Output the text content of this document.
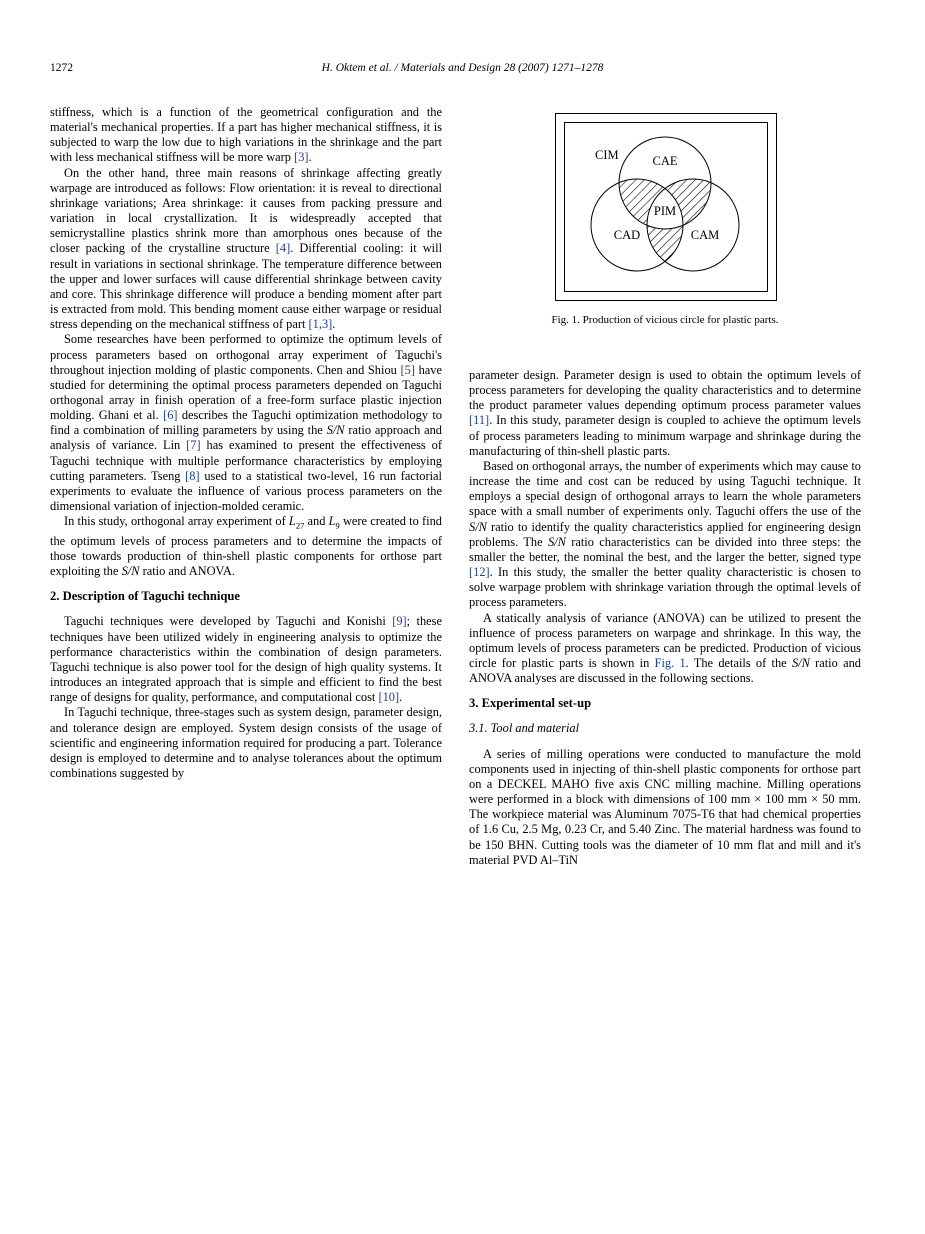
1272	H. Oktem et al. / Materials and Design 28 (2007) 1271–1278
CIM	CAE
CAD	CAM
PIM
Fig. 1. Production of vicious circle for plastic parts.

stiffness, which is a function of the geometrical configuration and the material's mechanical properties. If a part has higher mechanical stiffness, it is subjected to warp the low due to high variations in the shrinkage and the part with less mechanical stiffness will be more warp [3].

On the other hand, three main reasons of shrinkage affecting greatly warpage are introduced as follows: Flow orientation: it is reveal to directional shrinkage variations; Area shrinkage: it causes from packing pressure and variation in local crystallization. It is widespreadly accepted that semicrystalline plastics shrink more than amorphous ones because of the closer packing of the crystalline structure [4]. Differential cooling: it will result in variations in sectional shrinkage. The temperature difference between the upper and lower surfaces will cause differential shrinkage between cavity and core. This shrinkage difference will produce a bending moment after part is extracted from mold. This bending moment cause either warpage or residual stress depending on the mechanical stiffness of part [1,3].

Some researches have been performed to optimize the optimum levels of process parameters based on orthogonal array experiment of Taguchi's throughout injection molding of plastic components. Chen and Shiou [5] have studied for determining the optimal process parameters depended on Taguchi orthogonal array in finish operation of a free-form surface plastic injection molding. Ghani et al. [6] describes the Taguchi optimization methodology to find a combination of milling parameters by using the S/N ratio approach and analysis of variance. Lin [7] has examined to present the effectiveness of Taguchi technique with multiple performance characteristics by employing cutting parameters. Tseng [8] used to a statistical two-level, 16 run factorial experiments to evaluate the influence of various process parameters on the dimensional variation of injection-molded ceramic.

In this study, orthogonal array experiment of $L_{27}$ and $L_9$ were created to find the optimum levels of process parameters and to determine the impacts of those towards production of thin-shell plastic components for orthose part exploiting the S/N ratio and ANOVA.

2. Description of Taguchi technique

Taguchi techniques were developed by Taguchi and Konishi [9]; these techniques have been utilized widely in engineering analysis to optimize the performance characteristics within the combination of design parameters. Taguchi technique is also power tool for the design of high quality systems. It introduces an integrated approach that is simple and efficient to find the best range of designs for quality, performance, and computational cost [10].

In Taguchi technique, three-stages such as system design, parameter design, and tolerance design are employed. System design consists of the usage of scientific and engineering information required for producing a part. Tolerance design is employed to determine and to analyse tolerances about the optimum combinations suggested by

parameter design. Parameter design is used to obtain the optimum levels of process parameters for developing the quality characteristics and to determine the product parameter values depending optimum process parameter values [11]. In this study, parameter design is coupled to achieve the optimum levels of process parameters leading to minimum warpage and shrinkage during the manufacturing of thin-shell plastic parts.

Based on orthogonal arrays, the number of experiments which may cause to increase the time and cost can be reduced by using Taguchi technique. It employs a special design of orthogonal arrays to learn the whole parameters space with a small number of experiments only. Taguchi offers the use of the S/N ratio to identify the quality characteristics applied for engineering design problems. The S/N ratio characteristics can be divided into three steps: the smaller the better, the nominal the best, and the larger the better, signed type [12]. In this study, the smaller the better quality characteristic is chosen to solve warpage problem with shrinkage variation through the optimal levels of process parameters.

A statically analysis of variance (ANOVA) can be utilized to present the influence of process parameters on warpage and shrinkage. In this way, the optimum levels of process parameters can be predicted. Production of vicious circle for plastic parts is shown in Fig. 1. The details of the S/N ratio and ANOVA analyses are discussed in the following sections.

3. Experimental set-up
3.1. Tool and material

A series of milling operations were conducted to manufacture the mold components used in injecting of thin-shell plastic components for orthose part on a DECKEL MAHO five axis CNC milling machine. Milling operations were performed in a block with dimensions of 100 mm × 100 mm × 50 mm. The workpiece material was Aluminum 7075-T6 that had chemical properties of 1.6 Cu, 2.5 Mg, 0.23 Cr, and 5.40 Zinc. The material hardness was found to be 150 BHN. Cutting tools was the diameter of 10 mm flat and mill and it's material PVD Al–TiN
